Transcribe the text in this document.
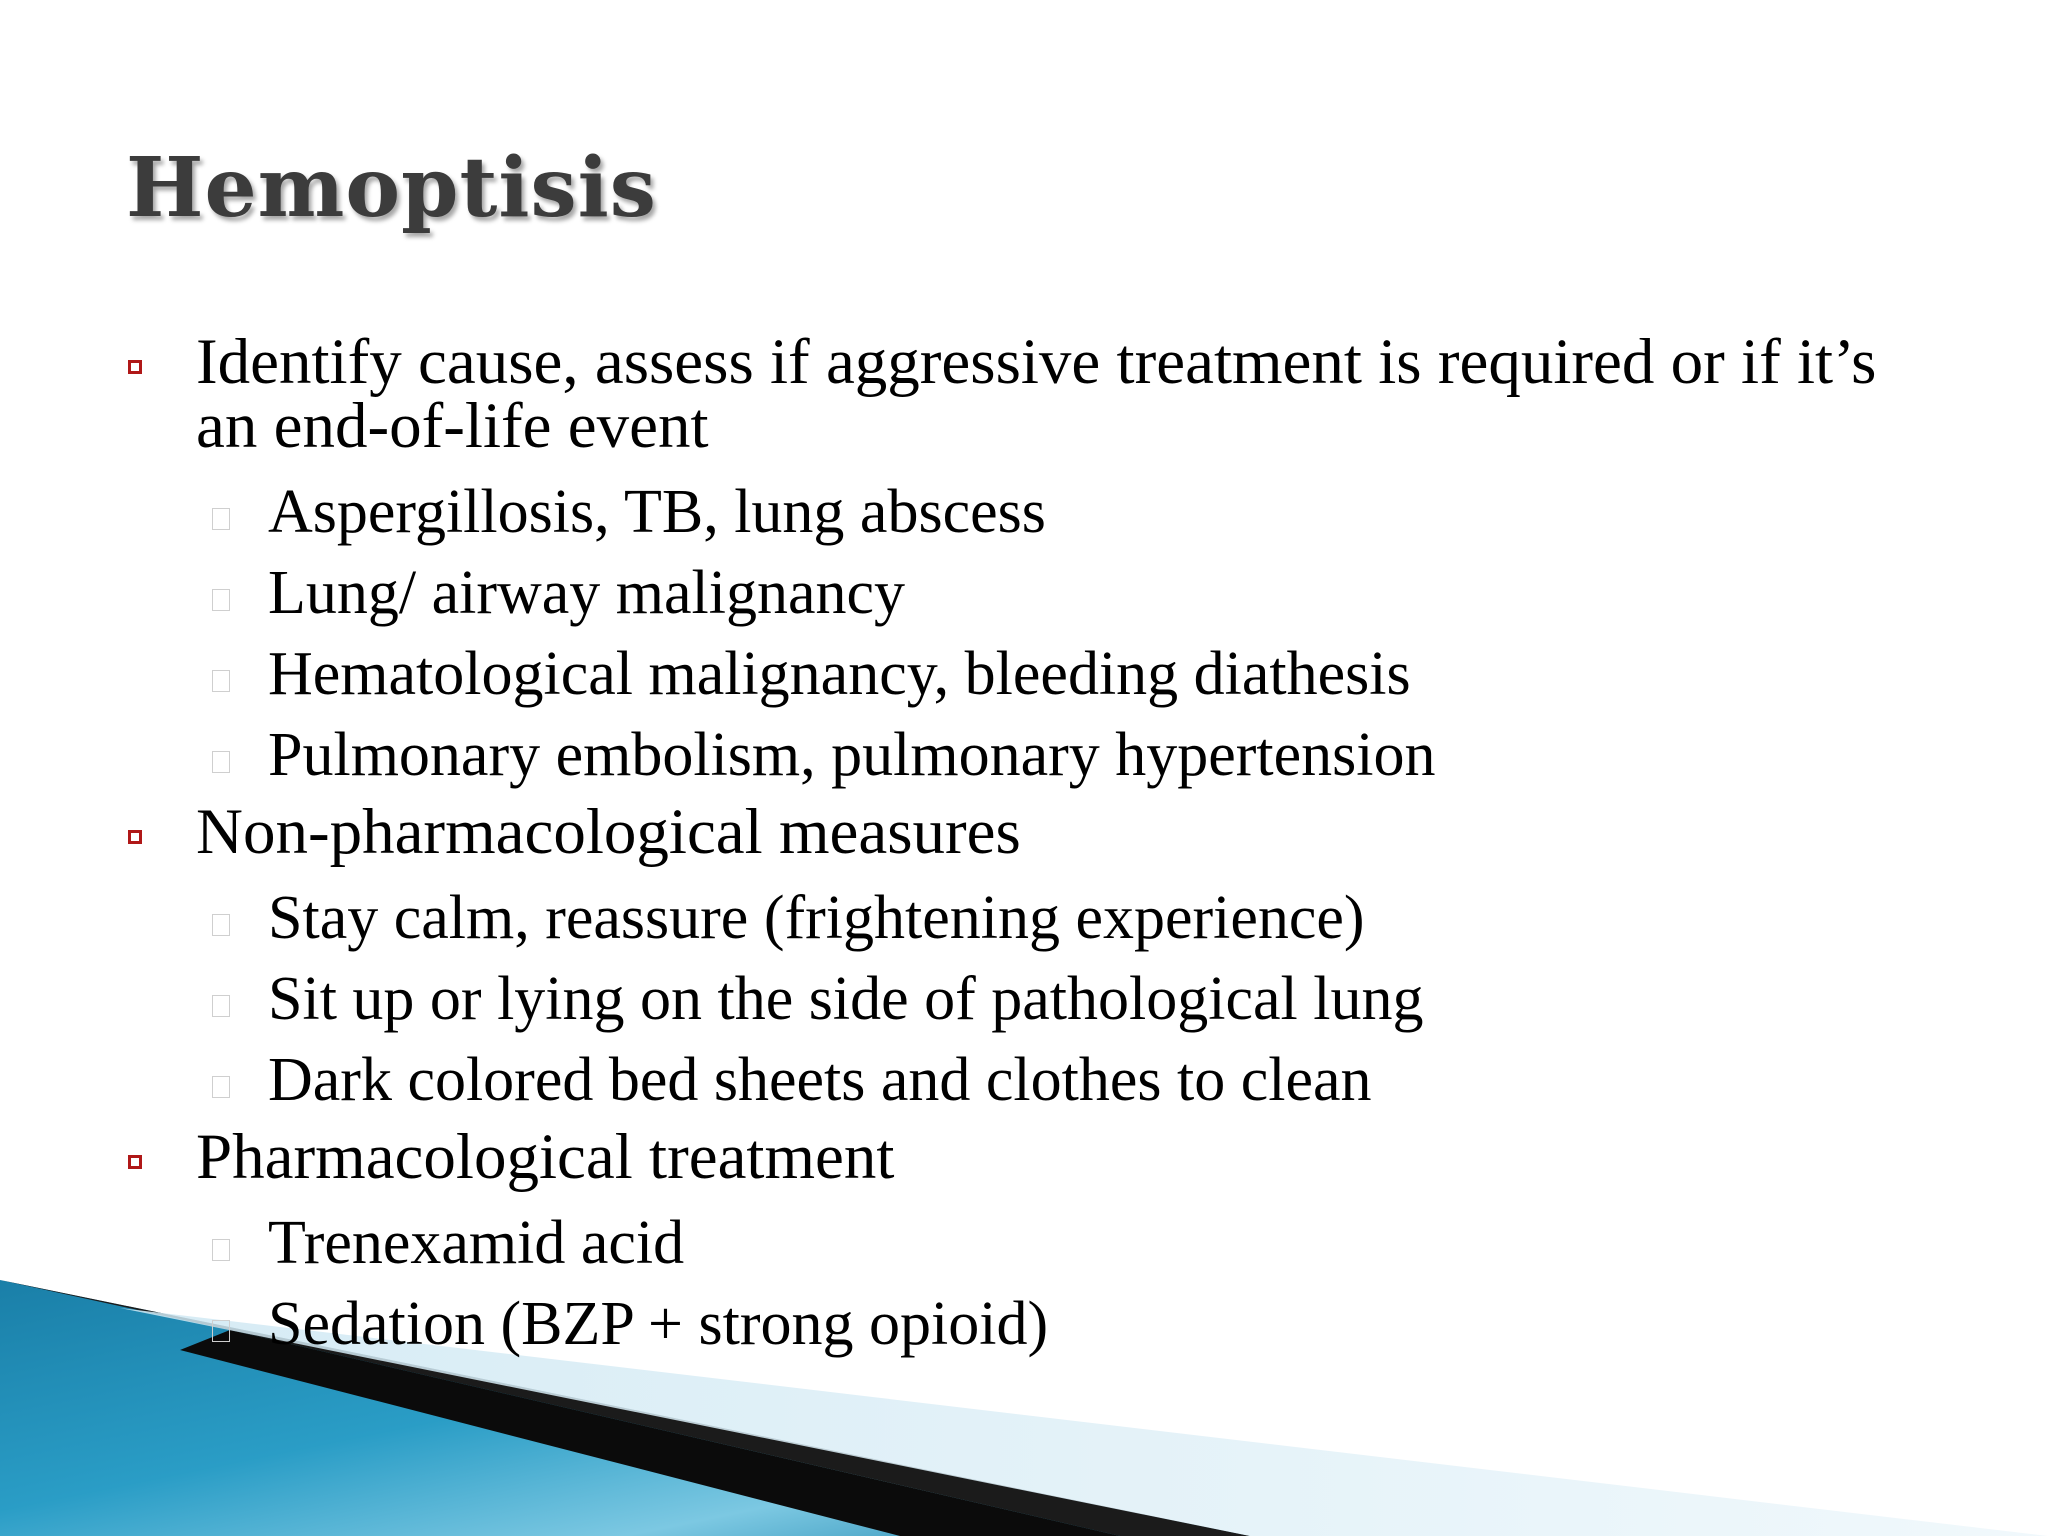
Hemoptisis
Identify cause, assess if aggressive treatment is required or if it’s an end-of-life event
Aspergillosis, TB, lung abscess
Lung/ airway malignancy
Hematological malignancy, bleeding diathesis
Pulmonary embolism, pulmonary hypertension
Non-pharmacological measures
Stay calm, reassure (frightening experience)
Sit up or lying on the side of pathological lung
Dark colored bed sheets and clothes to clean
Pharmacological treatment
Trenexamid acid
Sedation (BZP + strong opioid)
